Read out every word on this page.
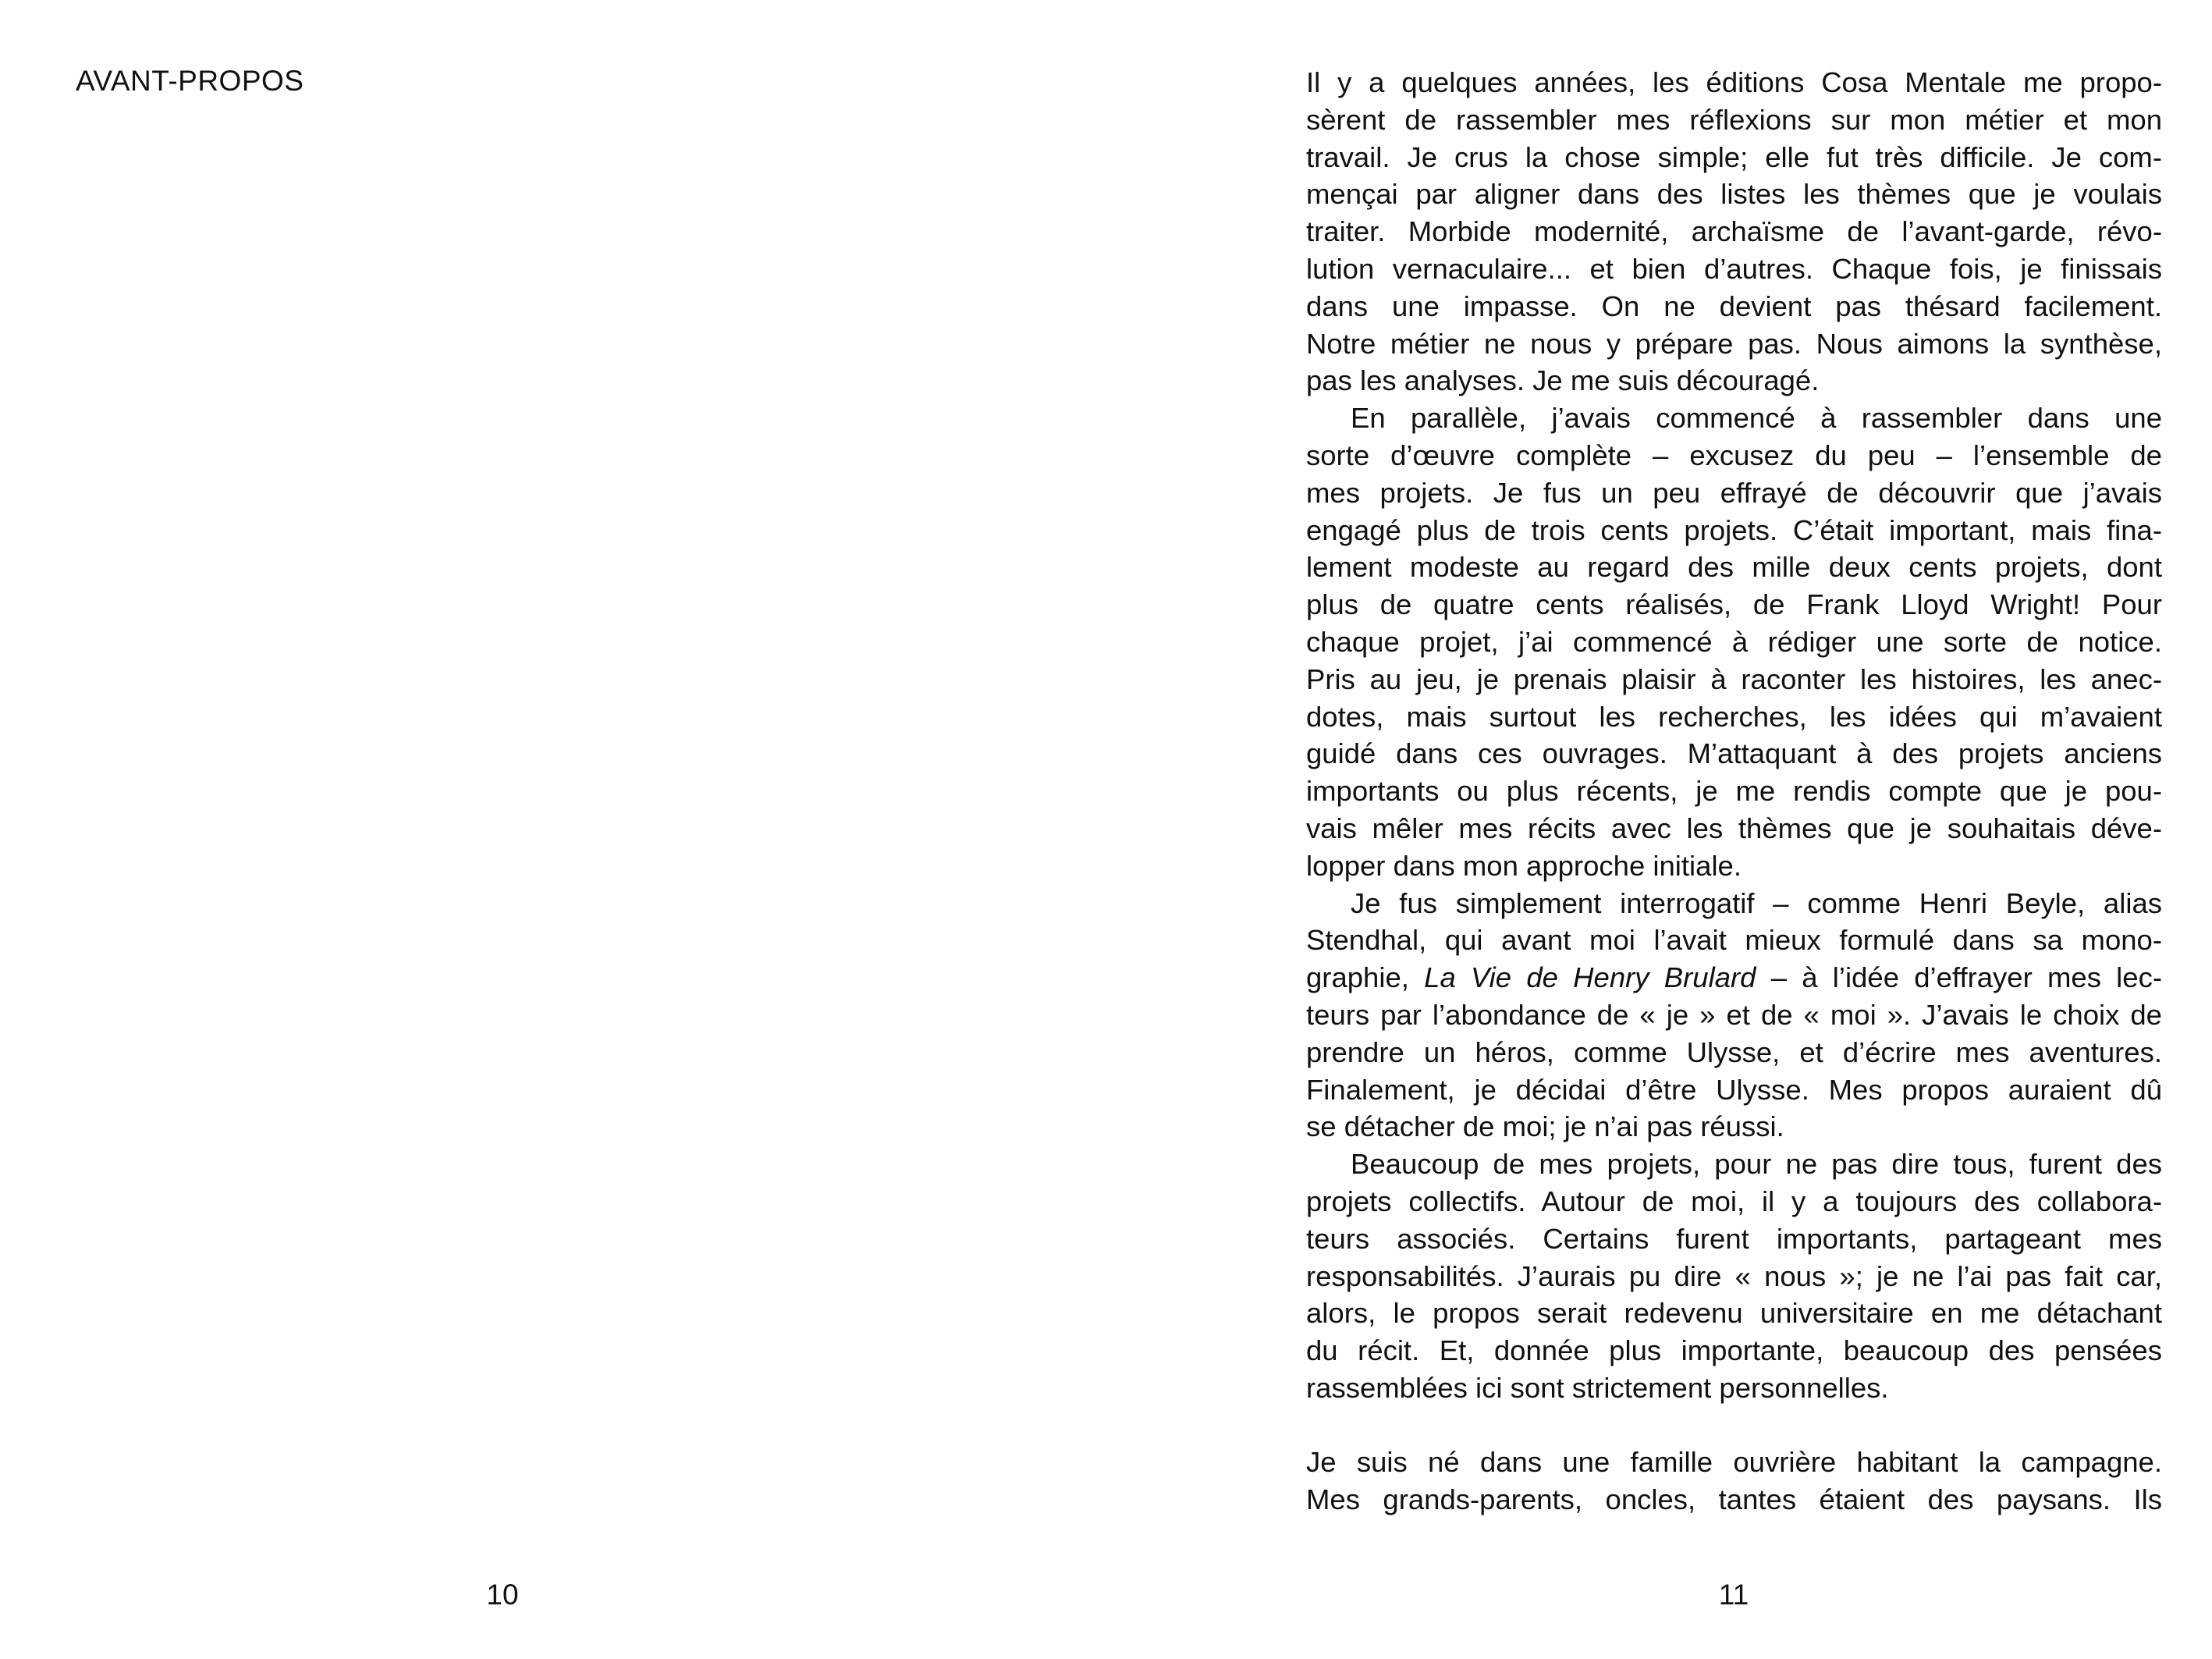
AVANT-PROPOS
10
Il y a quelques années, les éditions Cosa Mentale me propo-
sèrent de rassembler mes réflexions sur mon métier et mon
travail. Je crus la chose simple; elle fut très difficile. Je com-
mençai par aligner dans des listes les thèmes que je voulais
traiter. Morbide modernité, archaïsme de l’avant-garde, révo-
lution vernaculaire... et bien d’autres. Chaque fois, je finissais
dans une impasse. On ne devient pas thésard facilement.
Notre métier ne nous y prépare pas. Nous aimons la synthèse,
pas les analyses. Je me suis découragé.
En parallèle, j’avais commencé à rassembler dans une
sorte d’œuvre complète – excusez du peu – l’ensemble de
mes projets. Je fus un peu effrayé de découvrir que j’avais
engagé plus de trois cents projets. C’était important, mais fina-
lement modeste au regard des mille deux cents projets, dont
plus de quatre cents réalisés, de Frank Lloyd Wright! Pour
chaque projet, j’ai commencé à rédiger une sorte de notice.
Pris au jeu, je prenais plaisir à raconter les histoires, les anec-
dotes, mais surtout les recherches, les idées qui m’avaient
guidé dans ces ouvrages. M’attaquant à des projets anciens
importants ou plus récents, je me rendis compte que je pou-
vais mêler mes récits avec les thèmes que je souhaitais déve-
lopper dans mon approche initiale.
Je fus simplement interrogatif – comme Henri Beyle, alias
Stendhal, qui avant moi l’avait mieux formulé dans sa mono-
graphie, La Vie de Henry Brulard – à l’idée d’effrayer mes lec-
teurs par l’abondance de « je » et de « moi ». J’avais le choix de
prendre un héros, comme Ulysse, et d’écrire mes aventures.
Finalement, je décidai d’être Ulysse. Mes propos auraient dû
se détacher de moi; je n’ai pas réussi.
Beaucoup de mes projets, pour ne pas dire tous, furent des
projets collectifs. Autour de moi, il y a toujours des collabora-
teurs associés. Certains furent importants, partageant mes
responsabilités. J’aurais pu dire « nous »; je ne l’ai pas fait car,
alors, le propos serait redevenu universitaire en me détachant
du récit. Et, donnée plus importante, beaucoup des pensées
rassemblées ici sont strictement personnelles.
Je suis né dans une famille ouvrière habitant la campagne.
Mes grands-parents, oncles, tantes étaient des paysans. Ils
11
